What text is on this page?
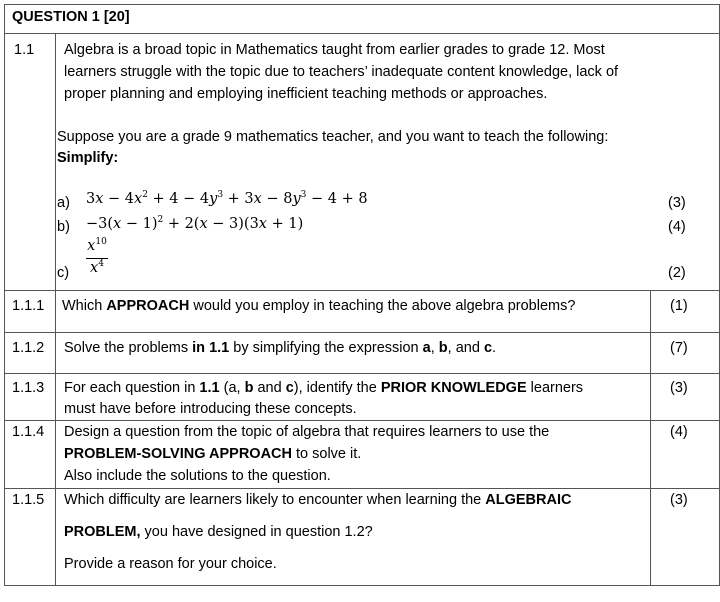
QUESTION 1 [20]
1.1 Algebra is a broad topic in Mathematics taught from earlier grades to grade 12. Most
learners struggle with the topic due to teachers’ inadequate content knowledge, lack of
proper planning and employing inefficient teaching methods or approaches.
Suppose you are a grade 9 mathematics teacher, and you want to teach the following:
Simplify:
a) $3x - 4x^2 + 4 - 4y^3 + 3x - 8y^3 - 4 + 8$	(3)
$b) -3(x - 1)^2 + 2(x - 3)(3x + 1)$	(4)
c)
$x^{10}$
$x^4$
(2)
1.1.1 Which APPROACH would you employ in teaching the above algebra problems?	(1)
1.1.2 Solve the problems in 1.1 by simplifying the expression a, b, and c.	(7)
1.1.3 For each question in 1.1 (a, b and c), identify the PRIOR KNOWLEDGE learners
must have before introducing these concepts.
(3)
1.1.4 Design a question from the topic of algebra that requires learners to use the
PROBLEM-SOLVING APPROACH to solve it.
Also include the solutions to the question.
(4)
1.1.5 Which difficulty are learners likely to encounter when learning the ALGEBRAIC
PROBLEM, you have designed in question 1.2?
Provide a reason for your choice.
(3)
